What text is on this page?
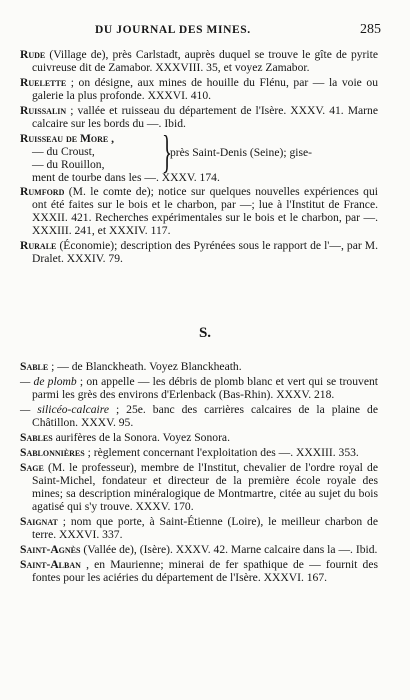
DU JOURNAL DES MINES.	285

Rude (Village de), près Carlstadt, auprès duquel se trouve le gîte de pyrite cuivreuse dit de Zamabor. XXXVIII. 35, et voyez Zamabor.

Ruelette ; on désigne, aux mines de houille du Flénu, par — la voie ou galerie la plus profonde. XXXVI. 410.

Ruissalin ; vallée et ruisseau du département de l'Isère. XXXV. 41. Marne calcaire sur les bords du —. Ibid.

Ruisseau de More ,
— du Croust,
— du Rouillon, }
près Saint-Denis (Seine); gise-
ment de tourbe dans les —. XXXV. 174.

Rumford (M. le comte de); notice sur quelques nouvelles expériences qui ont été faites sur le bois et le charbon, par —; lue à l'Institut de France. XXXII. 421. Recherches expérimentales sur le bois et le charbon, par —. XXXIII. 241, et XXXIV. 117.

Rurale (Économie); description des Pyrénées sous le rapport de l'—, par M. Dralet. XXXIV. 79.

S.

Sable ; — de Blanckheath. Voyez Blanckheath.

— de plomb ; on appelle — les débris de plomb blanc et vert qui se trouvent parmi les grès des environs d'Erlenback (Bas-Rhin). XXXV. 218.

— silicéo-calcaire ; 25e. banc des carrières calcaires de la plaine de Châtillon. XXXV. 95.

Sables aurifères de la Sonora. Voyez Sonora.

Sablonnières ; règlement concernant l'exploitation des —. XXXIII. 353.

Sage (M. le professeur), membre de l'Institut, chevalier de l'ordre royal de Saint-Michel, fondateur et directeur de la première école royale des mines; sa description minéralogique de Montmartre, citée au sujet du bois agatisé qui s'y trouve. XXXV. 170.

Saignat ; nom que porte, à Saint-Étienne (Loire), le meilleur charbon de terre. XXXVI. 337.

Saint-Agnès (Vallée de), (Isère). XXXV. 42. Marne calcaire dans la —. Ibid.

Saint-Alban , en Maurienne; minerai de fer spathique de — fournit des fontes pour les aciéries du département de l'Isère. XXXVI. 167.
